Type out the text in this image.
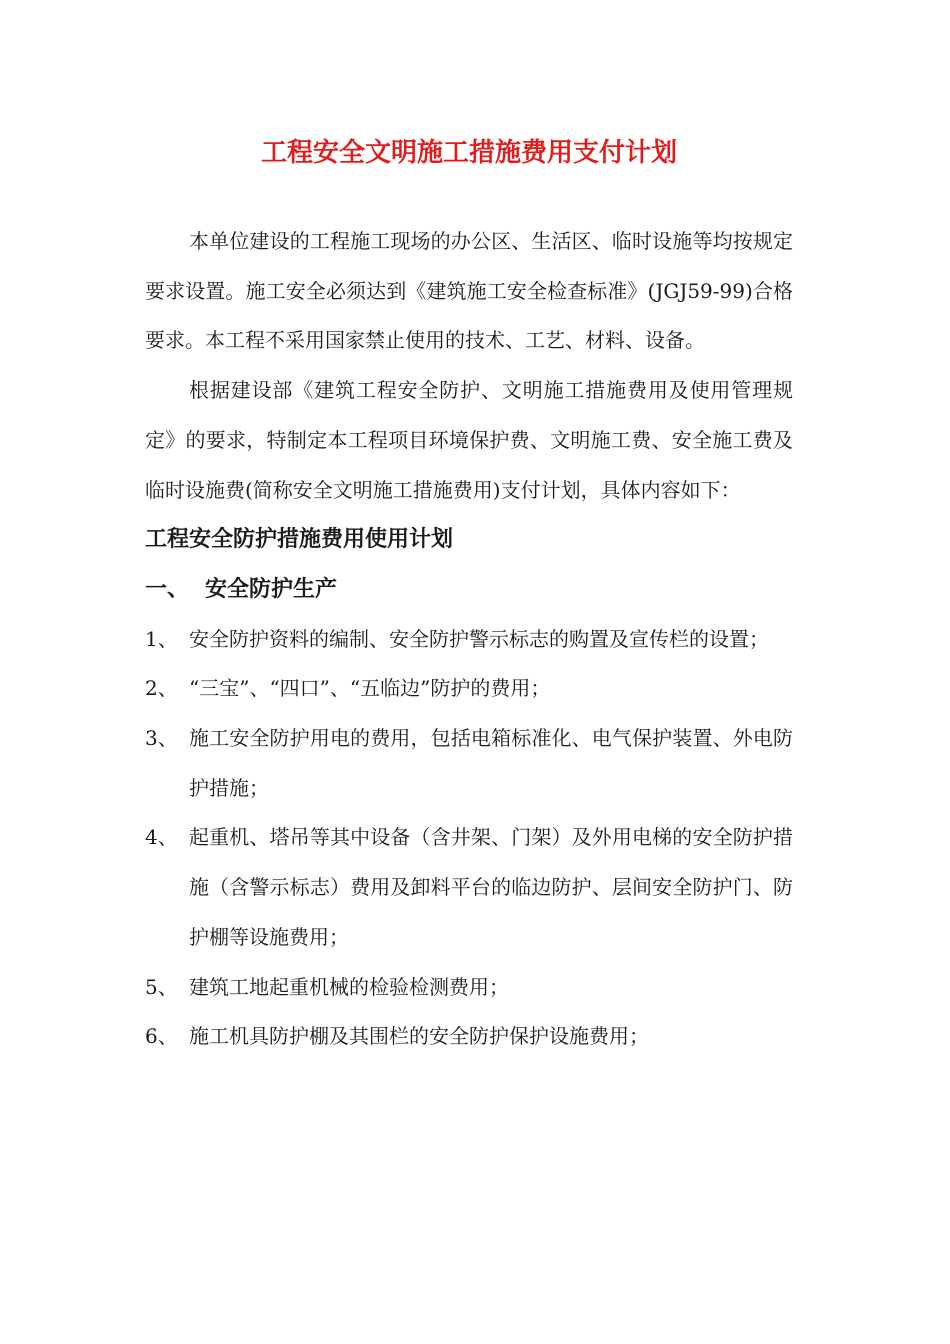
工程安全文明施工措施费用支付计划

本单位建设的工程施工现场的办公区、生活区、临时设施等均按规定要求设置。施工安全必须达到《建筑施工安全检查标准》(JGJ59-99)合格要求。本工程不采用国家禁止使用的技术、工艺、材料、设备。

根据建设部《建筑工程安全防护、文明施工措施费用及使用管理规定》的要求，特制定本工程项目环境保护费、文明施工费、安全施工费及临时设施费(简称安全文明施工措施费用)支付计划，具体内容如下：

工程安全防护措施费用使用计划
一、 安全防护生产

1、 安全防护资料的编制、安全防护警示标志的购置及宣传栏的设置；

2、 “三宝”、“四口”、“五临边”防护的费用；

3、 施工安全防护用电的费用，包括电箱标准化、电气保护装置、外电防护措施；

4、 起重机、塔吊等其中设备（含井架、门架）及外用电梯的安全防护措施（含警示标志）费用及卸料平台的临边防护、层间安全防护门、防护棚等设施费用；

5、 建筑工地起重机械的检验检测费用；

6、 施工机具防护棚及其围栏的安全防护保护设施费用；
